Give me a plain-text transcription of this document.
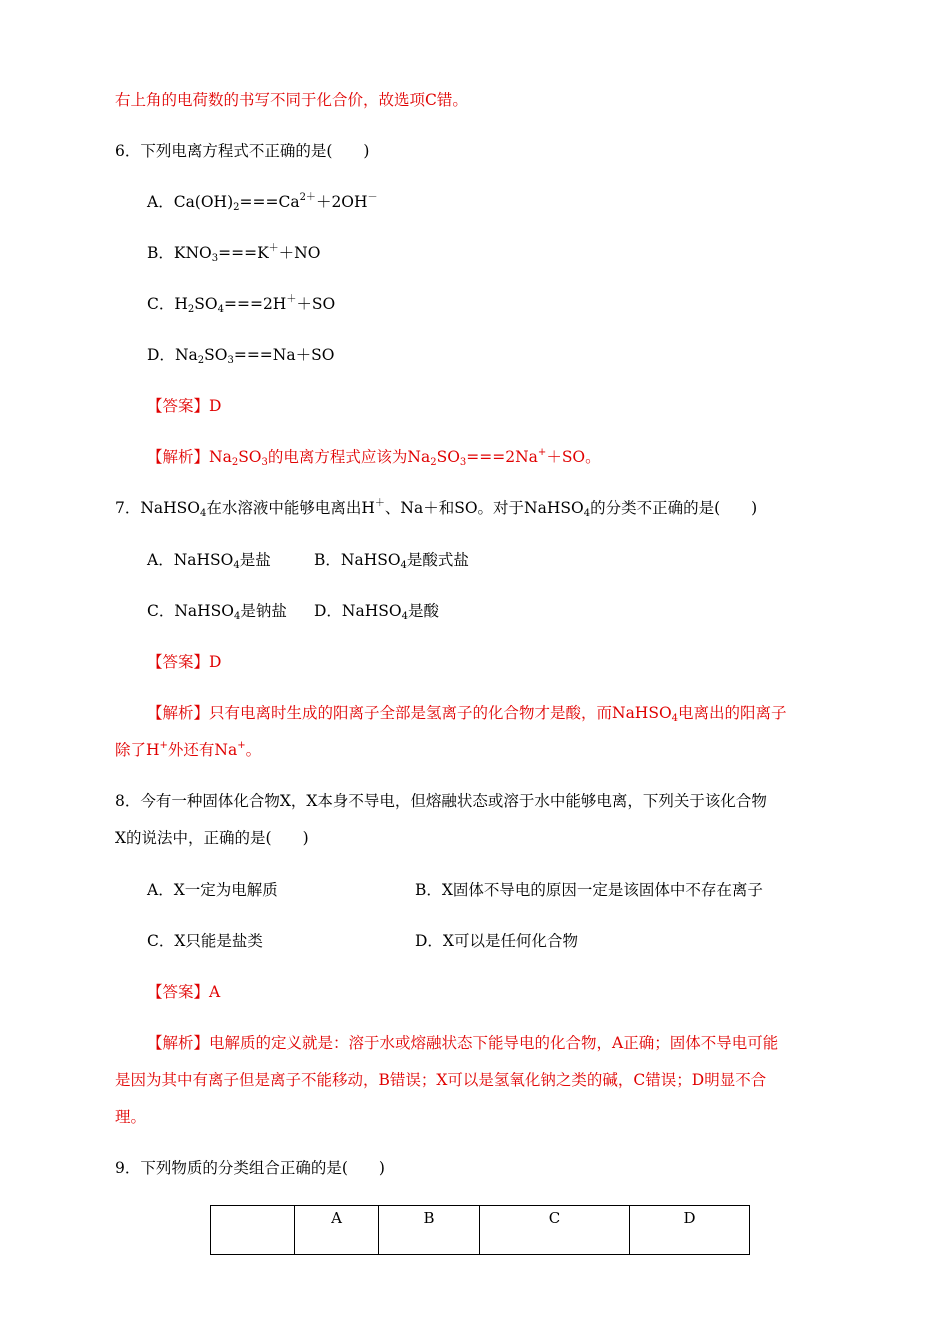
右上角的电荷数的书写不同于化合价，故选项C错。
6．下列电离方程式不正确的是(　　)
A．$Ca(OH)_2===Ca^{2+}+2OH^-$
B．$KNO_3===K^++NO$
C．$H_2SO_4===2H^++SO$
D．$Na_2SO_3===Na+SO$
【答案】D
【解析】$Na_2SO_3$的电离方程式应该为$Na_2SO_3===2Na^++SO$。
7．NaHSO$_4$在水溶液中能够电离出H＋、Na＋和SO。对于NaHSO$_4$的分类不正确的是(　　)
A．NaHSO$_4$是盐	B．NaHSO$_4$是酸式盐
C．NaHSO$_4$是钠盐 D．NaHSO$_4$是酸
【答案】D
【解析】只有电离时生成的阳离子全部是氢离子的化合物才是酸，而NaHSO$_4$电离出的阳离子
除了H+外还有Na+。
8．今有一种固体化合物X，X本身不导电，但熔融状态或溶于水中能够电离，下列关于该化合物
X的说法中，正确的是(　　)
A．X一定为电解质	B．X固体不导电的原因一定是该固体中不存在离子
C．X只能是盐类	D．X可以是任何化合物
【答案】A
【解析】电解质的定义就是：溶于水或熔融状态下能导电的化合物，A正确；固体不导电可能
是因为其中有离子但是离子不能移动，B错误；X可以是氢氧化钠之类的碱，C错误；D明显不合
理。
9．下列物质的分类组合正确的是(　　)
	A	B	C	D
